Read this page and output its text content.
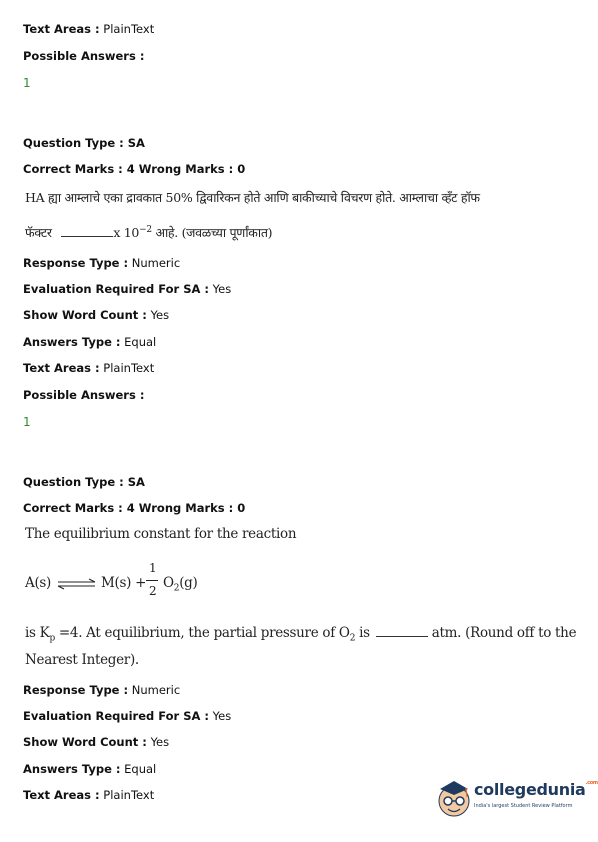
Text Areas : PlainText
Possible Answers :
1
Question Type : SA
Correct Marks : 4 Wrong Marks : 0
HA ह्या आम्लाचे एका द्रावकात 50% द्विवारिकन होते आणि बाकीच्याचे विचरण होते. आम्लाचा व्हॅंट हॉफ
फॅक्टर	x $10^{-2}$ आहे. (जवळच्या पूर्णांकात)
Response Type : Numeric
Evaluation Required For SA : Yes
Show Word Count : Yes
Answers Type : Equal
Text Areas : PlainText
Possible Answers :
1
Question Type : SA
Correct Marks : 4 Wrong Marks : 0
The equilibrium constant for the reaction
A(s) ⇌ M(s) +
1
2 $O_2(g)$
is $K_p =4$. At equilibrium, the partial pressure of $O_2$ is	atm. (Round off to the
Nearest Integer).
Response Type : Numeric
Evaluation Required For SA : Yes
Show Word Count : Yes
Answers Type : Equal
Text Areas : PlainText	collegedunia$^{.com}$
India's largest Student Review Platform
